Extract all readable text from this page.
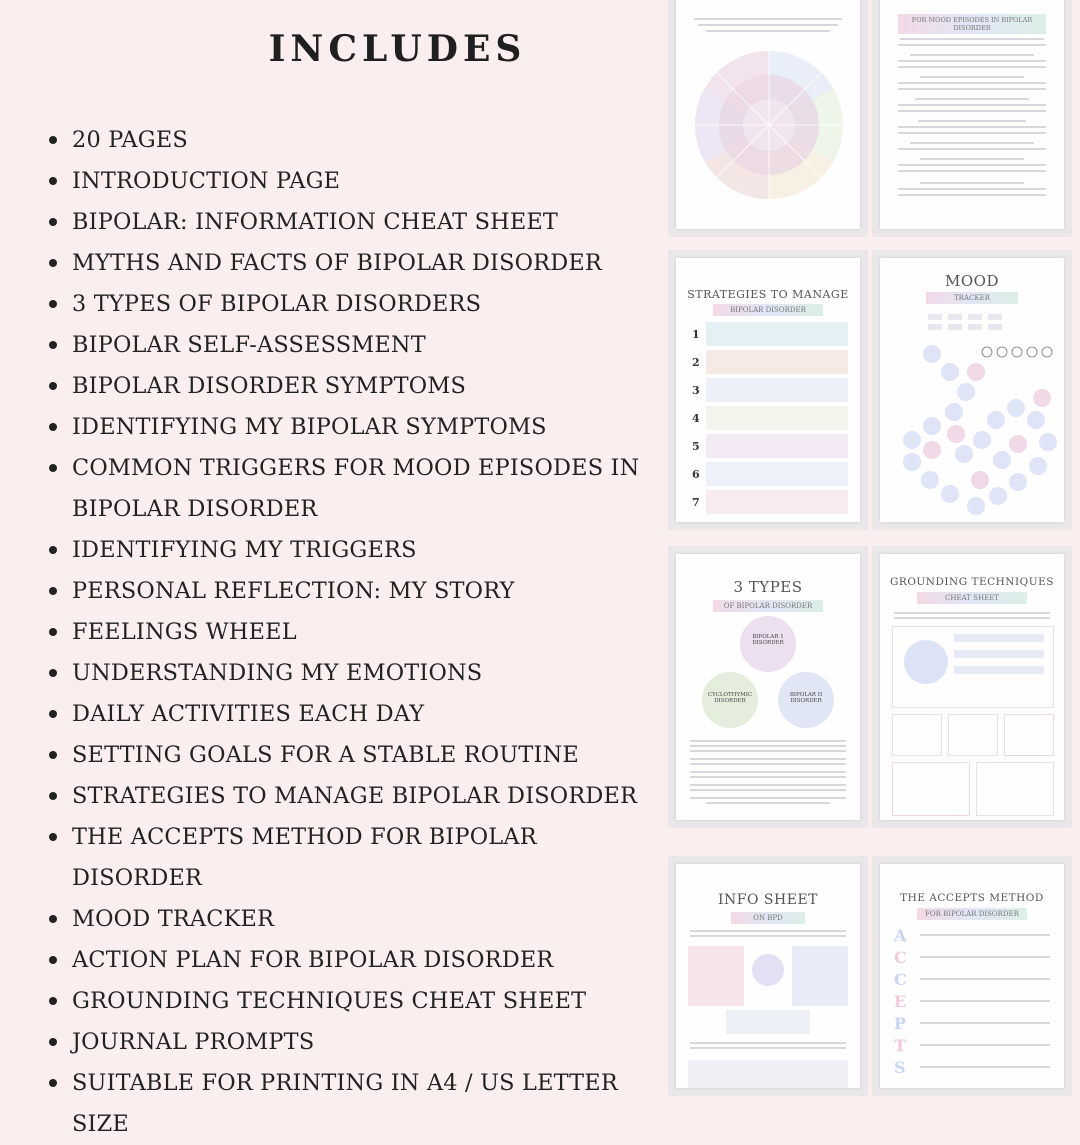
INCLUDES
20 PAGES
INTRODUCTION PAGE
BIPOLAR: INFORMATION CHEAT SHEET
MYTHS AND FACTS OF BIPOLAR DISORDER
3 TYPES OF BIPOLAR DISORDERS
BIPOLAR SELF-ASSESSMENT
BIPOLAR DISORDER SYMPTOMS
IDENTIFYING MY BIPOLAR SYMPTOMS
COMMON TRIGGERS FOR MOOD EPISODES IN BIPOLAR DISORDER
IDENTIFYING MY TRIGGERS
PERSONAL REFLECTION: MY STORY
FEELINGS WHEEL
UNDERSTANDING MY EMOTIONS
DAILY ACTIVITIES EACH DAY
SETTING GOALS FOR A STABLE ROUTINE
STRATEGIES TO MANAGE BIPOLAR DISORDER
THE ACCEPTS METHOD FOR BIPOLAR DISORDER
MOOD TRACKER
ACTION PLAN FOR BIPOLAR DISORDER
GROUNDING TECHNIQUES CHEAT SHEET
JOURNAL PROMPTS
SUITABLE FOR PRINTING IN A4 / US LETTER SIZE
FOR MOOD EPISODES IN BIPOLAR DISORDER
STRATEGIES TO MANAGE
BIPOLAR DISORDER
1
2
3
4
5
6
7
MOOD
TRACKER
3 TYPES
OF BIPOLAR DISORDER
BIPOLAR 1 DISORDER
CYCLOTHYMIC DISORDER
BIPOLAR II DISORDER
GROUNDING TECHNIQUES
CHEAT SHEET
INFO SHEET
ON BPD
THE ACCEPTS METHOD
FOR BIPOLAR DISORDER
A
C
C
E
P
T
S
